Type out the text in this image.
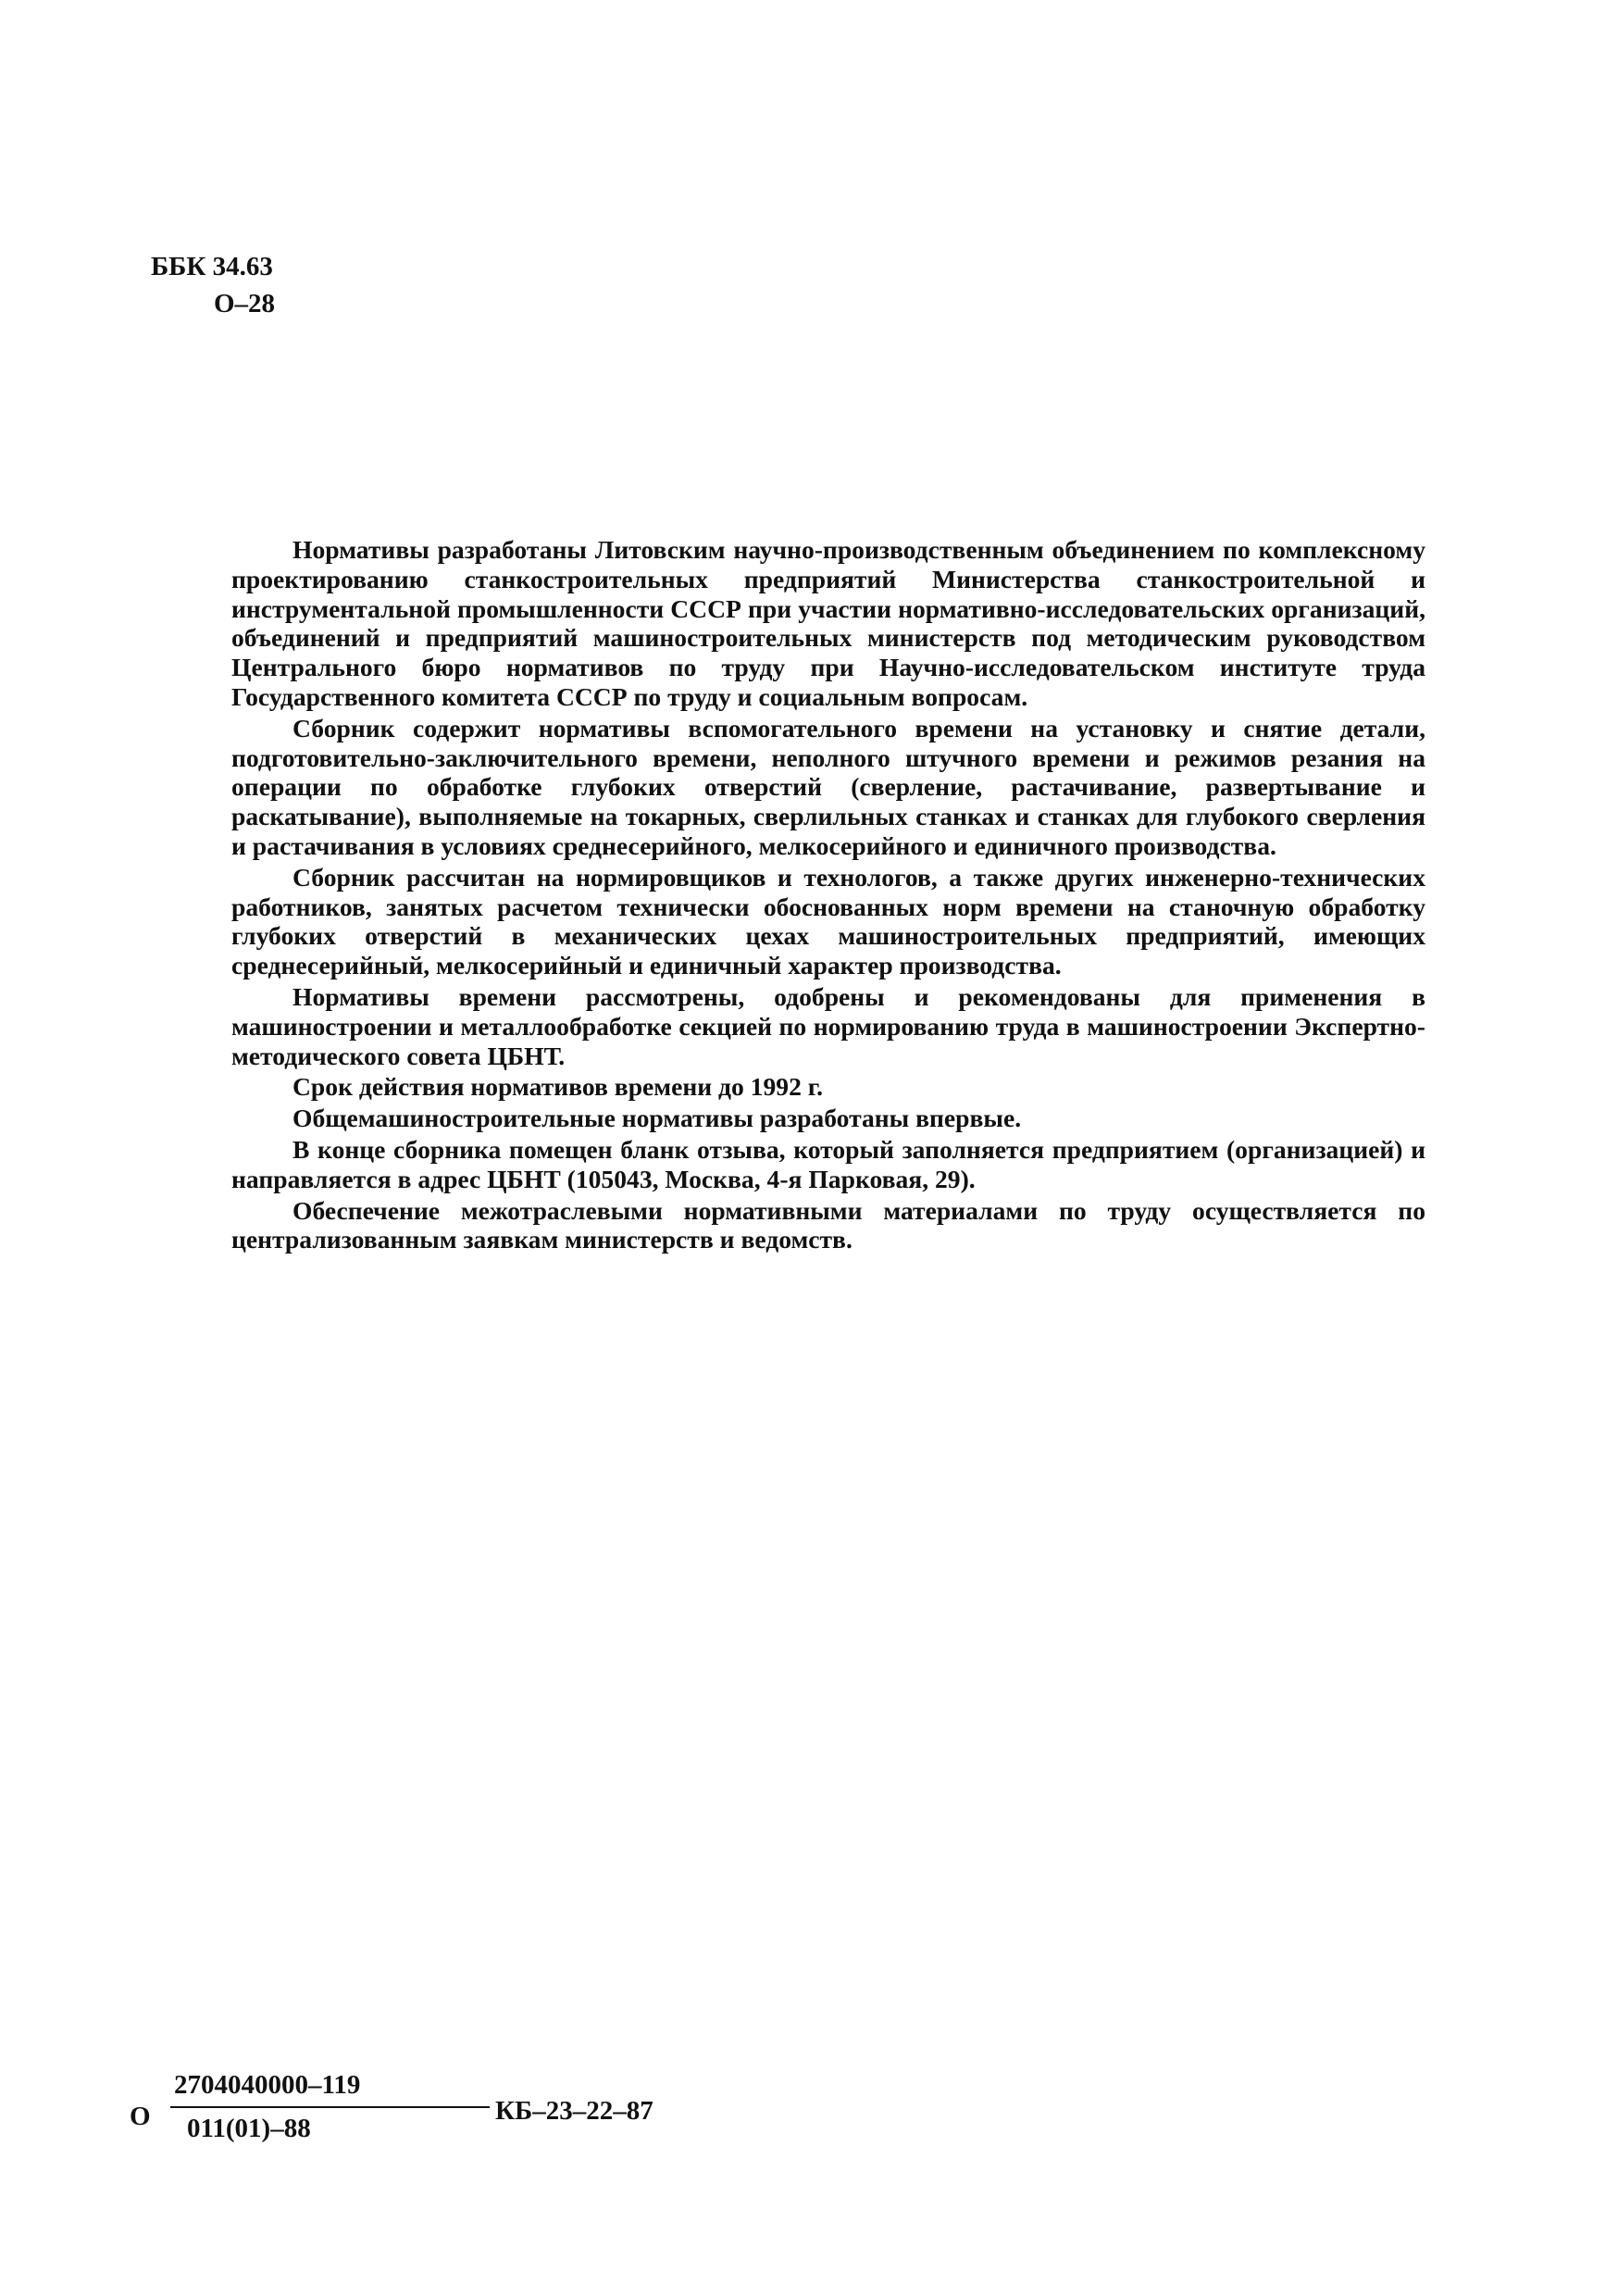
ББК 34.63
О–28

Нормативы разработаны Литовским научно-производственным объединением по комплексному проектированию станкостроительных предприятий Министерства станкостроительной и инструментальной промышленности СССР при участии нормативно-исследовательских организаций, объединений и предприятий машиностроительных министерств под методическим руководством Центрального бюро нормативов по труду при Научно-исследовательском институте труда Государственного комитета СССР по труду и социальным вопросам.

Сборник содержит нормативы вспомогательного времени на установку и снятие детали, подготовительно-заключительного времени, неполного штучного времени и режимов резания на операции по обработке глубоких отверстий (сверление, растачивание, развертывание и раскатывание), выполняемые на токарных, сверлильных станках и станках для глубокого сверления и растачивания в условиях среднесерийного, мелкосерийного и единичного производства.

Сборник рассчитан на нормировщиков и технологов, а также других инженерно-технических работников, занятых расчетом технически обоснованных норм времени на станочную обработку глубоких отверстий в механических цехах машиностроительных предприятий, имеющих среднесерийный, мелкосерийный и единичный характер производства.

Нормативы времени рассмотрены, одобрены и рекомендованы для применения в машиностроении и металлообработке секцией по нормированию труда в машиностроении Экспертно-методического совета ЦБНТ.

Срок действия нормативов времени до 1992 г.

Общемашиностроительные нормативы разработаны впервые.

В конце сборника помещен бланк отзыва, который заполняется предприятием (организацией) и направляется в адрес ЦБНТ (105043, Москва, 4-я Парковая, 29).

Обеспечение межотраслевыми нормативными материалами по труду осуществляется по централизованным заявкам министерств и ведомств.

О
2704040000–119
011(01)–88
КБ–23–22–87
